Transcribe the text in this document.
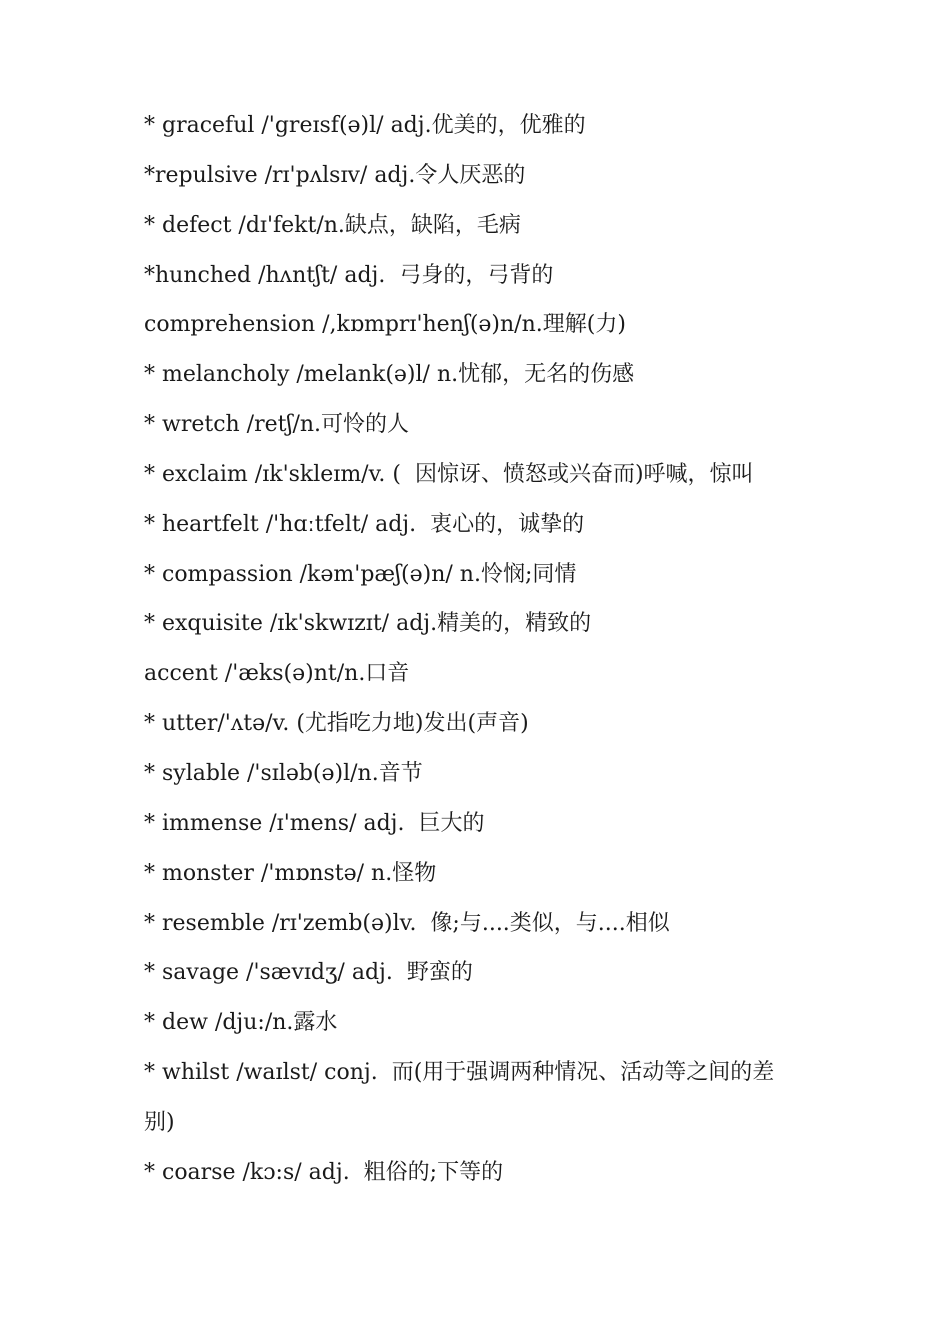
* graceful /'greɪsf(ə)l/ adj.优美的，优雅的
*repulsive /rɪ'pʌlsɪv/ adj.令人厌恶的
* defect /dɪ'fekt/n.缺点，缺陷，毛病
*hunched /hʌntʃt/ adj.  弓身的，弓背的
comprehension /,kɒmprɪ'henʃ(ə)n/n.理解(力)
* melancholy /melank(ə)l/ n.忧郁，无名的伤感
* wretch /retʃ/n.可怜的人
* exclaim /ɪk'skleɪm/v. (  因惊讶、愤怒或兴奋而)呼喊，惊叫
* heartfelt /'hɑːtfelt/ adj.  衷心的，诚挚的
* compassion /kəm'pæʃ(ə)n/ n.怜悯;同情
* exquisite /ɪk'skwɪzɪt/ adj.精美的，精致的
accent /'æks(ə)nt/n.口音
* utter/'ʌtə/v. (尤指吃力地)发出(声音)
* sylable /'sɪləb(ə)l/n.音节
* immense /ɪ'mens/ adj.  巨大的
* monster /'mɒnstə/ n.怪物
* resemble /rɪ'zemb(ə)lv.  像;与....类似，与....相似
* savage /'sævɪdʒ/ adj.  野蛮的
* dew /dju:/n.露水
* whilst /waɪlst/ conj.  而(用于强调两种情况、活动等之间的差
别)
* coarse /kɔ:s/ adj.  粗俗的;下等的
